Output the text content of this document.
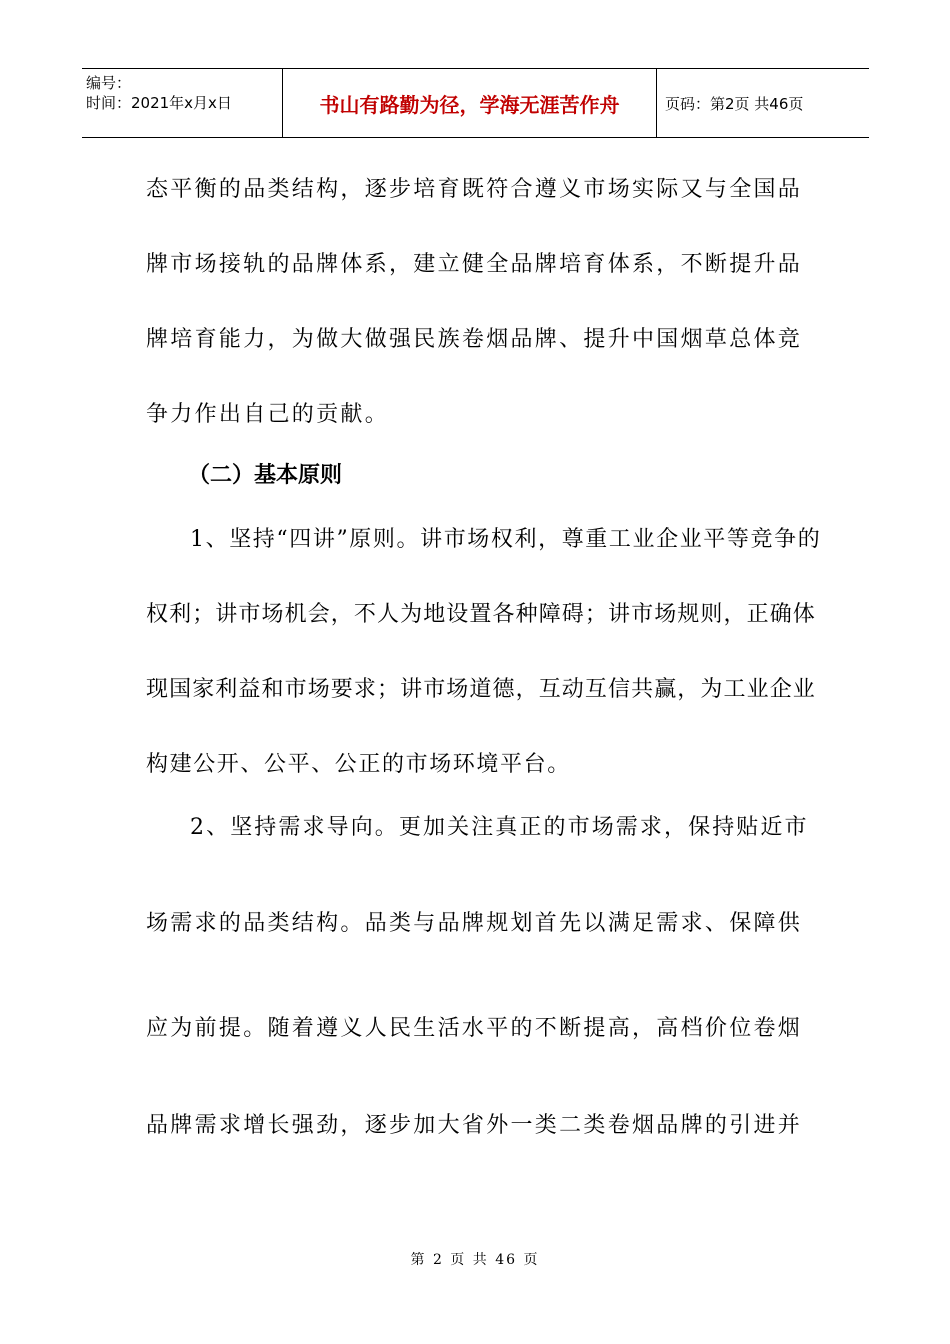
编号：
时间：2021年x月x日	书山有路勤为径，学海无涯苦作舟	页码：第2页 共46页
态平衡的品类结构，逐步培育既符合遵义市场实际又与全国品
牌市场接轨的品牌体系，建立健全品牌培育体系，不断提升品
牌培育能力，为做大做强民族卷烟品牌、提升中国烟草总体竞
争力作出自己的贡献。
（二）基本原则
1、坚持“四讲”原则。讲市场权利，尊重工业企业平等竞争的
权利；讲市场机会，不人为地设置各种障碍；讲市场规则，正确体
现国家利益和市场要求；讲市场道德，互动互信共赢，为工业企业
构建公开、公平、公正的市场环境平台。
2、坚持需求导向。更加关注真正的市场需求，保持贴近市
场需求的品类结构。品类与品牌规划首先以满足需求、保障供
应为前提。随着遵义人民生活水平的不断提高，高档价位卷烟
品牌需求增长强劲，逐步加大省外一类二类卷烟品牌的引进并
第 2 页 共 46 页
